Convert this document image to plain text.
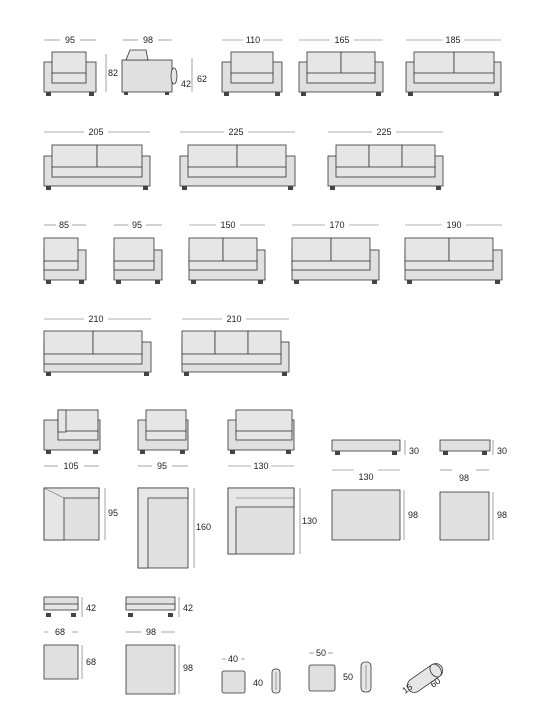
95
82
98
42 62
110	165	185
205	225	225
85	95	150	170	190
210	210
30	30
105
95
95
160
130
130
130
98
98
98
42	42
68
68
98
98
40
40
50
50
15 60
